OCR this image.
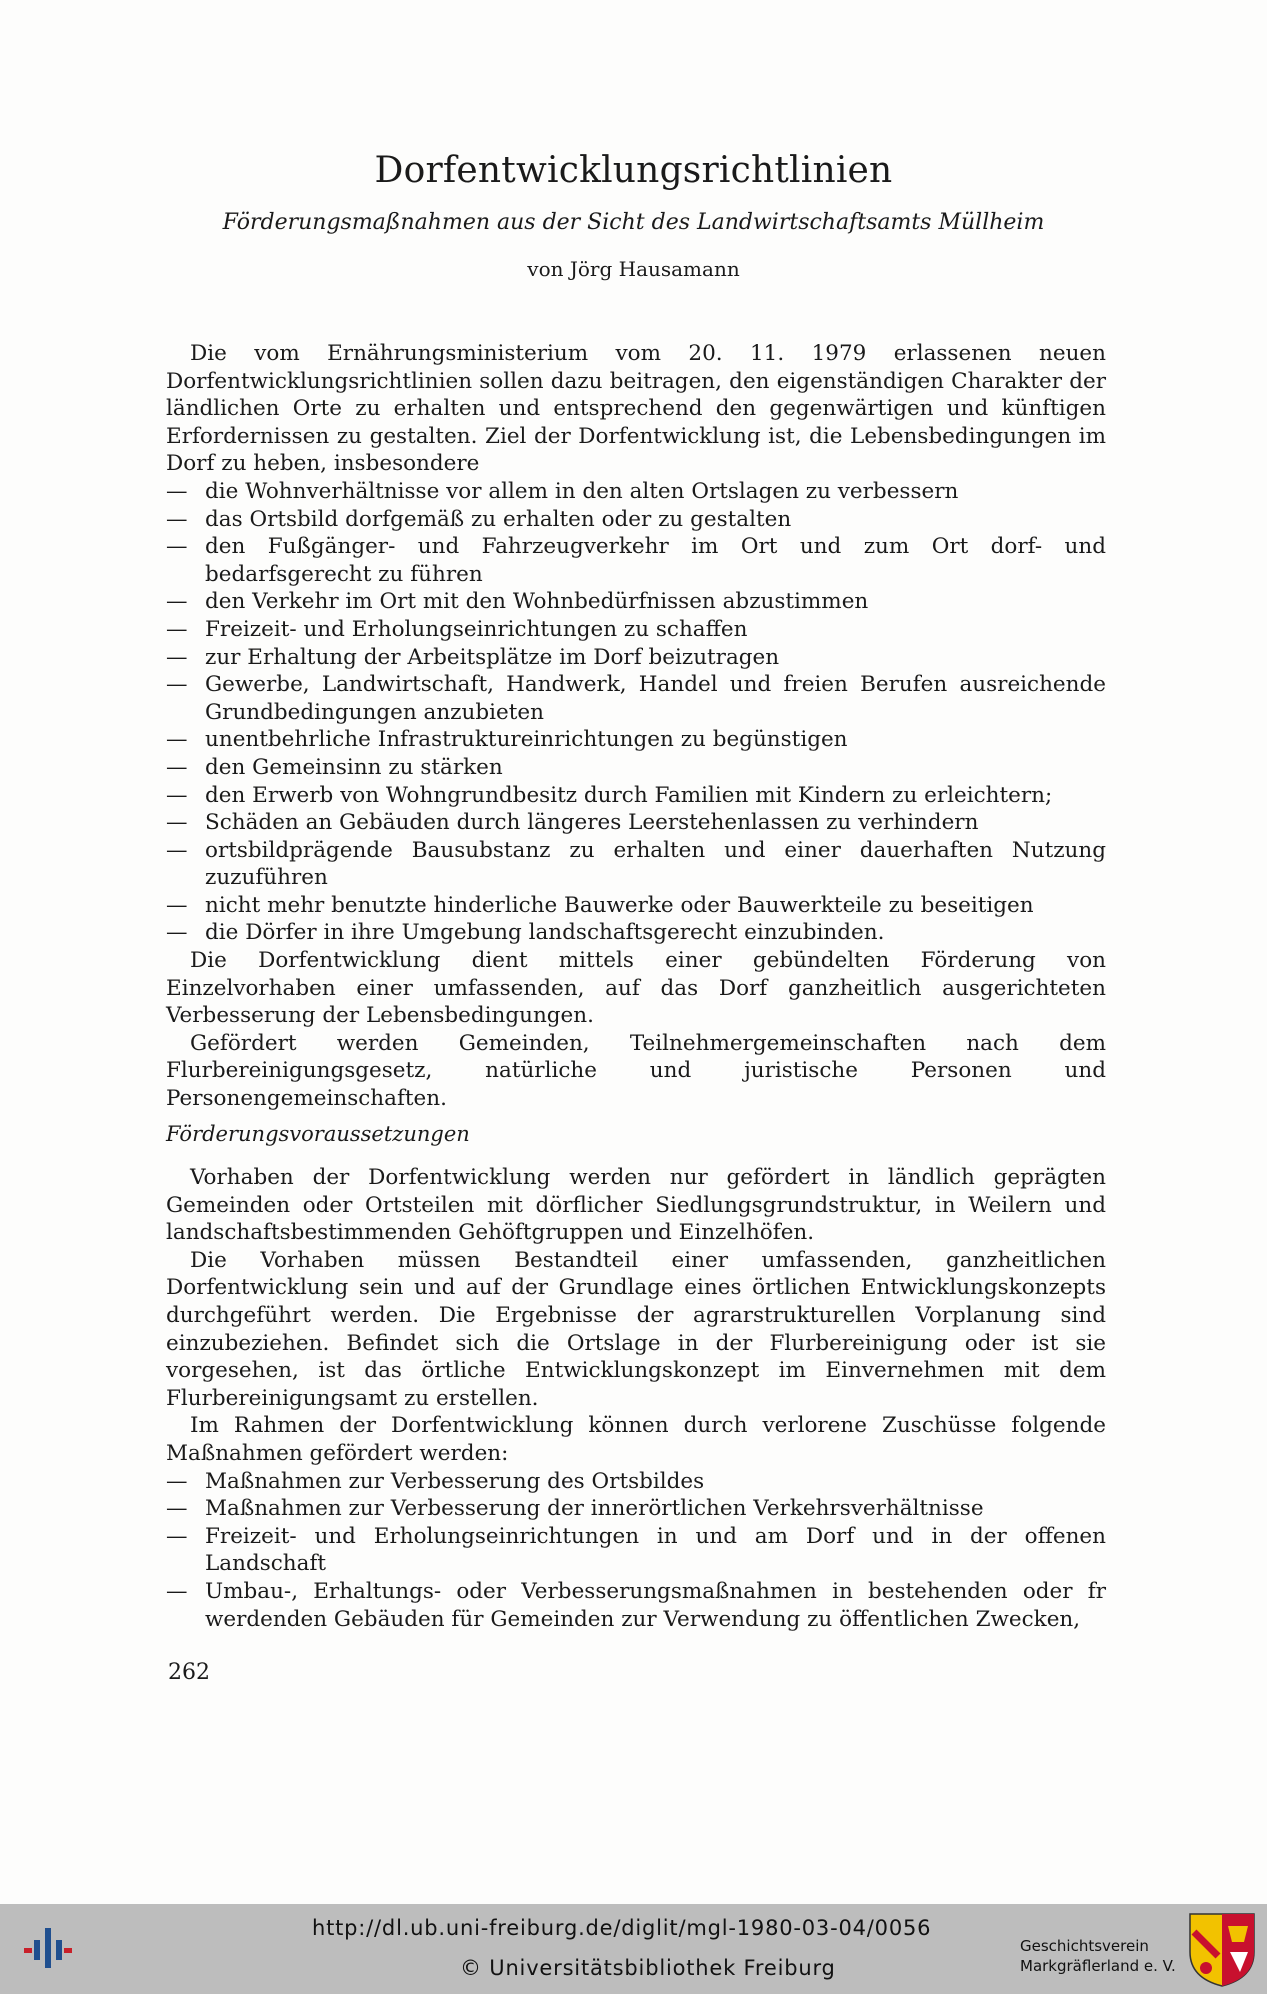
Dorfentwicklungsrichtlinien
Förderungsmaßnahmen aus der Sicht des Landwirtschaftsamts Müllheim
von Jörg Hausamann

Die vom Ernährungsministerium vom 20. 11. 1979 erlassenen neuen Dorfentwicklungsrichtlinien sollen dazu beitragen, den eigenständigen Charakter der ländlichen Orte zu erhalten und entsprechend den gegenwärtigen und künftigen Erfordernissen zu gestalten. Ziel der Dorfentwicklung ist, die Lebensbedingungen im Dorf zu heben, insbesondere

— die Wohnverhältnisse vor allem in den alten Ortslagen zu verbessern
— das Ortsbild dorfgemäß zu erhalten oder zu gestalten
— den Fußgänger- und Fahrzeugverkehr im Ort und zum Ort dorf- und bedarfsgerecht zu führen
— den Verkehr im Ort mit den Wohnbedürfnissen abzustimmen
— Freizeit- und Erholungseinrichtungen zu schaffen
— zur Erhaltung der Arbeitsplätze im Dorf beizutragen
— Gewerbe, Landwirtschaft, Handwerk, Handel und freien Berufen ausreichende Grundbedingungen anzubieten
— unentbehrliche Infrastruktureinrichtungen zu begünstigen
— den Gemeinsinn zu stärken
— den Erwerb von Wohngrundbesitz durch Familien mit Kindern zu erleichtern;
— Schäden an Gebäuden durch längeres Leerstehenlassen zu verhindern
— ortsbildprägende Bausubstanz zu erhalten und einer dauerhaften Nutzung zuzuführen
— nicht mehr benutzte hinderliche Bauwerke oder Bauwerkteile zu beseitigen
— die Dörfer in ihre Umgebung landschaftsgerecht einzubinden.

Die Dorfentwicklung dient mittels einer gebündelten Förderung von Einzelvorhaben einer umfassenden, auf das Dorf ganzheitlich ausgerichteten Verbesserung der Lebensbedingungen.

Gefördert werden Gemeinden, Teilnehmergemeinschaften nach dem Flurbereinigungsgesetz, natürliche und juristische Personen und Personengemeinschaften.

Förderungsvoraussetzungen

Vorhaben der Dorfentwicklung werden nur gefördert in ländlich geprägten Gemeinden oder Ortsteilen mit dörflicher Siedlungsgrundstruktur, in Weilern und landschaftsbestimmenden Gehöftgruppen und Einzelhöfen.

Die Vorhaben müssen Bestandteil einer umfassenden, ganzheitlichen Dorfentwicklung sein und auf der Grundlage eines örtlichen Entwicklungskonzepts durchgeführt werden. Die Ergebnisse der agrarstrukturellen Vorplanung sind einzubeziehen. Befindet sich die Ortslage in der Flurbereinigung oder ist sie vorgesehen, ist das örtliche Entwicklungskonzept im Einvernehmen mit dem Flurbereinigungsamt zu erstellen.

Im Rahmen der Dorfentwicklung können durch verlorene Zuschüsse folgende Maßnahmen gefördert werden:

— Maßnahmen zur Verbesserung des Ortsbildes
— Maßnahmen zur Verbesserung der innerörtlichen Verkehrsverhältnisse
— Freizeit- und Erholungseinrichtungen in und am Dorf und in der offenen Landschaft
— Umbau-, Erhaltungs- oder Verbesserungsmaßnahmen in bestehenden oder fr werdenden Gebäuden für Gemeinden zur Verwendung zu öffentlichen Zwecken,
262
http://dl.ub.uni-freiburg.de/diglit/mgl-1980-03-04/0056
© Universitätsbibliothek Freiburg
Geschichtsverein
Markgräflerland e. V.
